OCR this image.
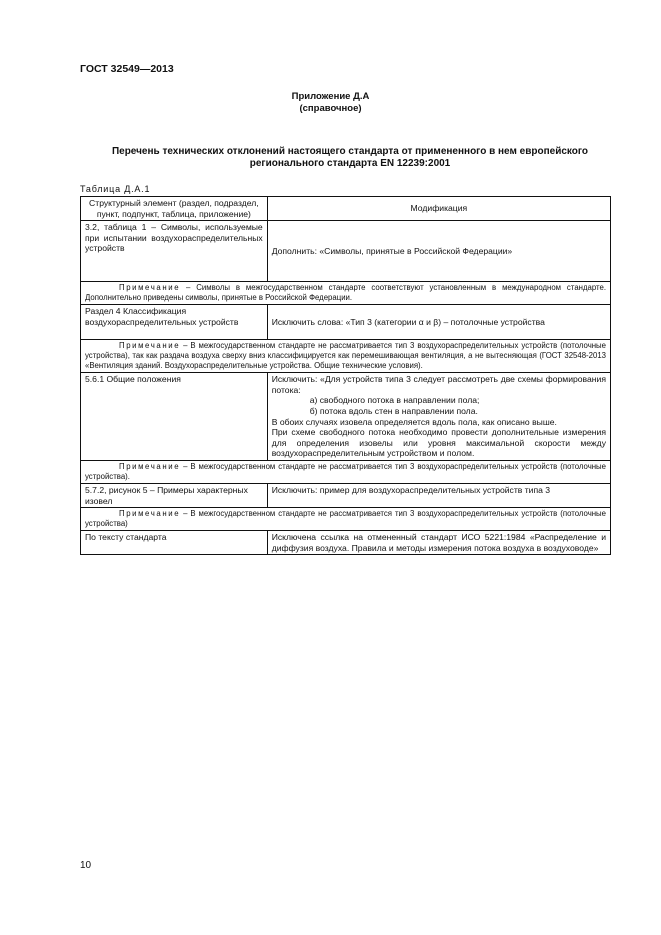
ГОСТ 32549—2013
Приложение Д.А
(справочное)
Перечень технических отклонений настоящего стандарта от примененного в нем европейского регионального стандарта EN 12239:2001
Таблица Д.А.1
Структурный элемент (раздел, подраздел, пункт, подпункт, таблица, приложение)	Модификация
3.2, таблица 1 – Символы, используемые при испытании воздухораспределительных устройств	Дополнить: «Символы, принятые в Российской Федерации»

Примечание – Символы в межгосударственном стандарте соответствуют установленным в международном стандарте. Дополнительно приведены символы, принятые в Российской Федерации.	

Раздел 4 Классификация воздухораспределительных устройств	Исключить слова: «Тип 3 (категории α и β) – потолочные устройства

Примечание – В межгосударственном стандарте не рассматривается тип 3 воздухораспределительных устройств (потолочные устройства), так как раздача воздуха сверху вниз классифицируется как перемешивающая вентиляция, а не вытесняющая (ГОСТ 32548-2013 «Вентиляция зданий. Воздухораспределительные устройства. Общие технические условия).	

5.6.1 Общие положения	Исключить: «Для устройств типа 3 следует рассмотреть две схемы формирования потока:
а) свободного потока в направлении пола;
б) потока вдоль стен в направлении пола.
В обоих случаях изовела определяется вдоль пола, как описано выше.
При схеме свободного потока необходимо провести дополнительные измерения для определения изовелы или уровня максимальной скорости между воздухораспределительным устройством и полом.

Примечание – В межгосударственном стандарте не рассматривается тип 3 воздухораспределительных устройств (потолочные устройства).	

5.7.2, рисунок 5 – Примеры характерных изовел	Исключить: пример для воздухораспределительных устройств типа 3

Примечание – В межгосударственном стандарте не рассматривается тип 3 воздухораспределительных устройств (потолочные устройства)	

По тексту стандарта	Исключена ссылка на отмененный стандарт ИСО 5221:1984 «Распределение и диффузия воздуха. Правила и методы измерения потока воздуха в воздуховоде»
10
